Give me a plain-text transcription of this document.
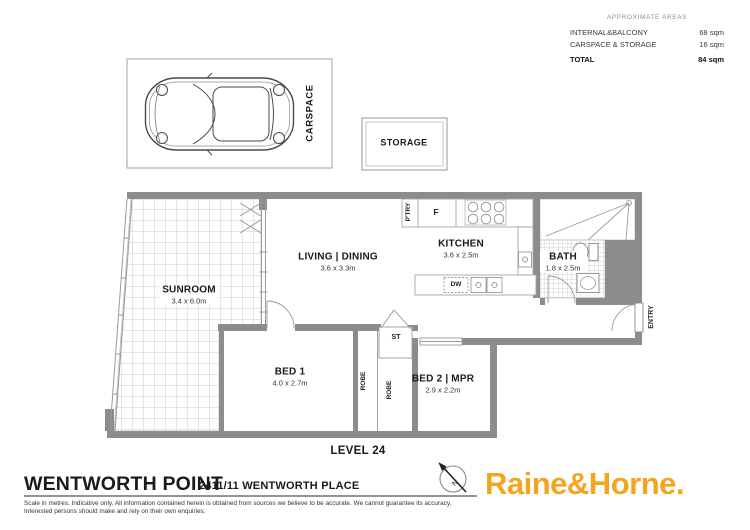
APPROXIMATE AREAS
INTERNAL&BALCONY	68 sqm
CARSPACE & STORAGE	16 sqm
TOTAL	84 sqm
CARSPACE
STORAGE
SUNROOM
3.4 x 6.0m
LIVING | DINING
3.6 x 3.3m
KITCHEN
3.6 x 2.5m	BATH
1.8 x 2.5m
BED 1
4.0 x 2.7m	BED 2 | MPR
2.9 x 2.2m
P'TRY	F
DW
ST
ROBE	ROBE
ENTRY
LEVEL 24
N
WENTWORTH POINT
2411/11 WENTWORTH PLACE
Scale in metres. Indicative only. All information contained herein is obtained from sources we believe to be accurate. We cannot guarantee its accuracy.
Interested persons should make and rely on their own enquiries.
Raine&Horne.
